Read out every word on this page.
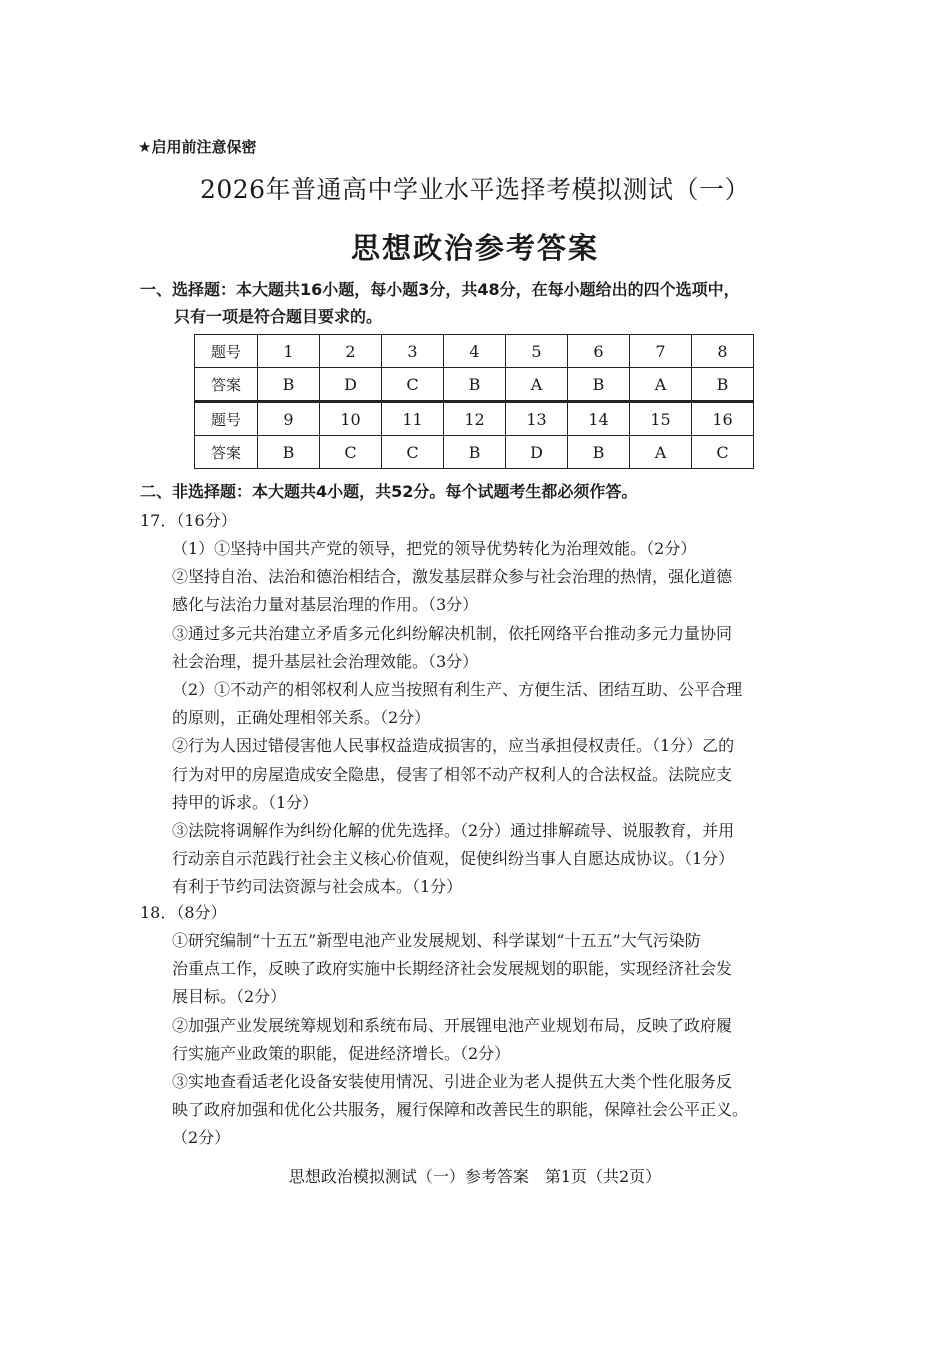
★启用前注意保密
2026年普通高中学业水平选择考模拟测试（一）
思想政治参考答案
一、选择题：本大题共16小题，每小题3分，共48分，在每小题给出的四个选项中，
只有一项是符合题目要求的。
题号	1	2	3	4	5	6	7	8
答案	B	D	C	B	A	B	A	B
题号	9	10	11	12	13	14	15	16
答案	B	C	C	B	D	B	A	C
二、非选择题：本大题共4小题，共52分。每个试题考生都必须作答。
17．（16分）
（1）①坚持中国共产党的领导，把党的领导优势转化为治理效能。（2分）
②坚持自治、法治和德治相结合，激发基层群众参与社会治理的热情，强化道德
感化与法治力量对基层治理的作用。（3分）
③通过多元共治建立矛盾多元化纠纷解决机制，依托网络平台推动多元力量协同
社会治理，提升基层社会治理效能。（3分）
（2）①不动产的相邻权利人应当按照有利生产、方便生活、团结互助、公平合理
的原则，正确处理相邻关系。（2分）
②行为人因过错侵害他人民事权益造成损害的，应当承担侵权责任。（1分）乙的
行为对甲的房屋造成安全隐患，侵害了相邻不动产权利人的合法权益。法院应支
持甲的诉求。（1分）
③法院将调解作为纠纷化解的优先选择。（2分）通过排解疏导、说服教育，并用
行动亲自示范践行社会主义核心价值观，促使纠纷当事人自愿达成协议。（1分）
有利于节约司法资源与社会成本。（1分）
18．（8分）
①研究编制“十五五”新型电池产业发展规划、科学谋划“十五五”大气污染防
治重点工作，反映了政府实施中长期经济社会发展规划的职能，实现经济社会发
展目标。（2分）
②加强产业发展统筹规划和系统布局、开展锂电池产业规划布局，反映了政府履
行实施产业政策的职能，促进经济增长。（2分）
③实地查看适老化设备安装使用情况、引进企业为老人提供五大类个性化服务反
映了政府加强和优化公共服务，履行保障和改善民生的职能，保障社会公平正义。
（2分）
思想政治模拟测试（一）参考答案　第1页（共2页）
